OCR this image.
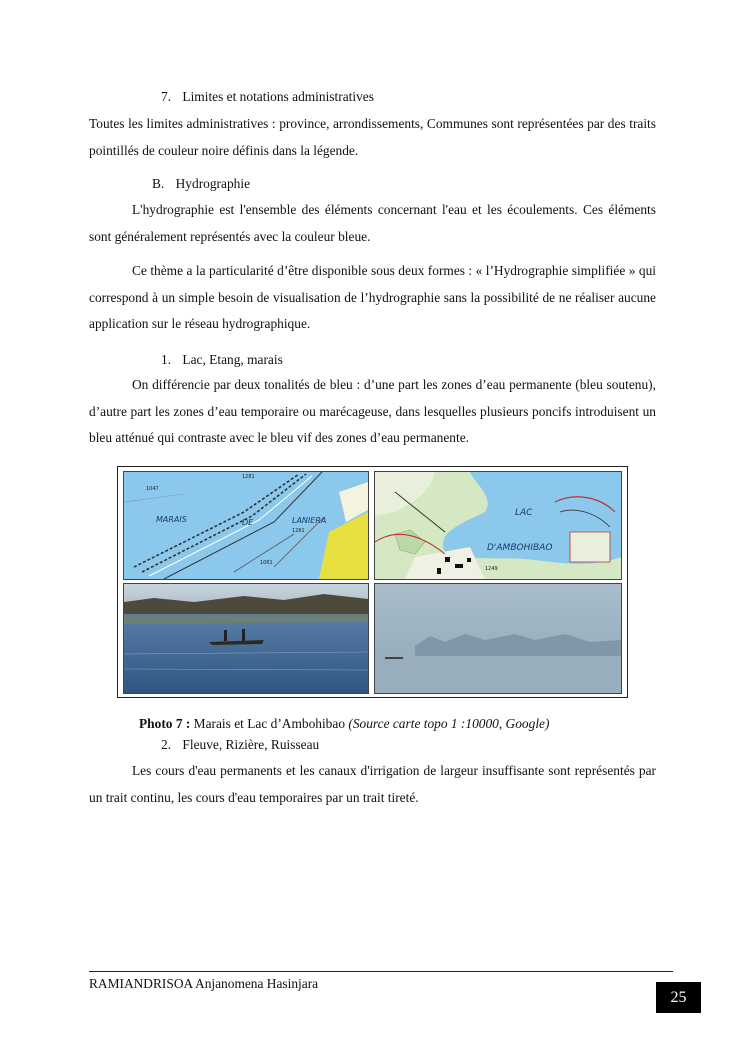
7. Limites et notations administratives

Toutes les limites administratives : province, arrondissements, Communes sont représentées par des traits pointillés de couleur noire définis dans la légende.

B. Hydrographie

L'hydrographie est l'ensemble des éléments concernant l'eau et les écoulements. Ces éléments sont généralement représentés avec la couleur bleue.

Ce thème a la particularité d’être disponible sous deux formes : « l’Hydrographie simplifiée » qui correspond à un simple besoin de visualisation de l’hydrographie sans la possibilité de ne réaliser aucune application sur le réseau hydrographique.

1. Lac, Etang, marais

On différencie par deux tonalités de bleu : d’une part les zones d’eau permanente (bleu soutenu), d’autre part les zones d’eau temporaire ou marécageuse, dans lesquelles plusieurs poncifs introduisent un bleu atténué qui contraste avec le bleu vif des zones d’eau permanente.

MARAIS	DE	LANIERA
1047
1281
1261
1061
LAC
D'AMBOHIBAO
1249
Photo 7 : Marais et Lac d’Ambohibao (Source carte topo 1 :10000, Google)
2. Fleuve, Rizière, Ruisseau

Les cours d'eau permanents et les canaux d'irrigation de largeur insuffisante sont représentés par un trait continu, les cours d'eau temporaires par un trait tireté.

RAMIANDRISOA Anjanomena Hasinjara
25
